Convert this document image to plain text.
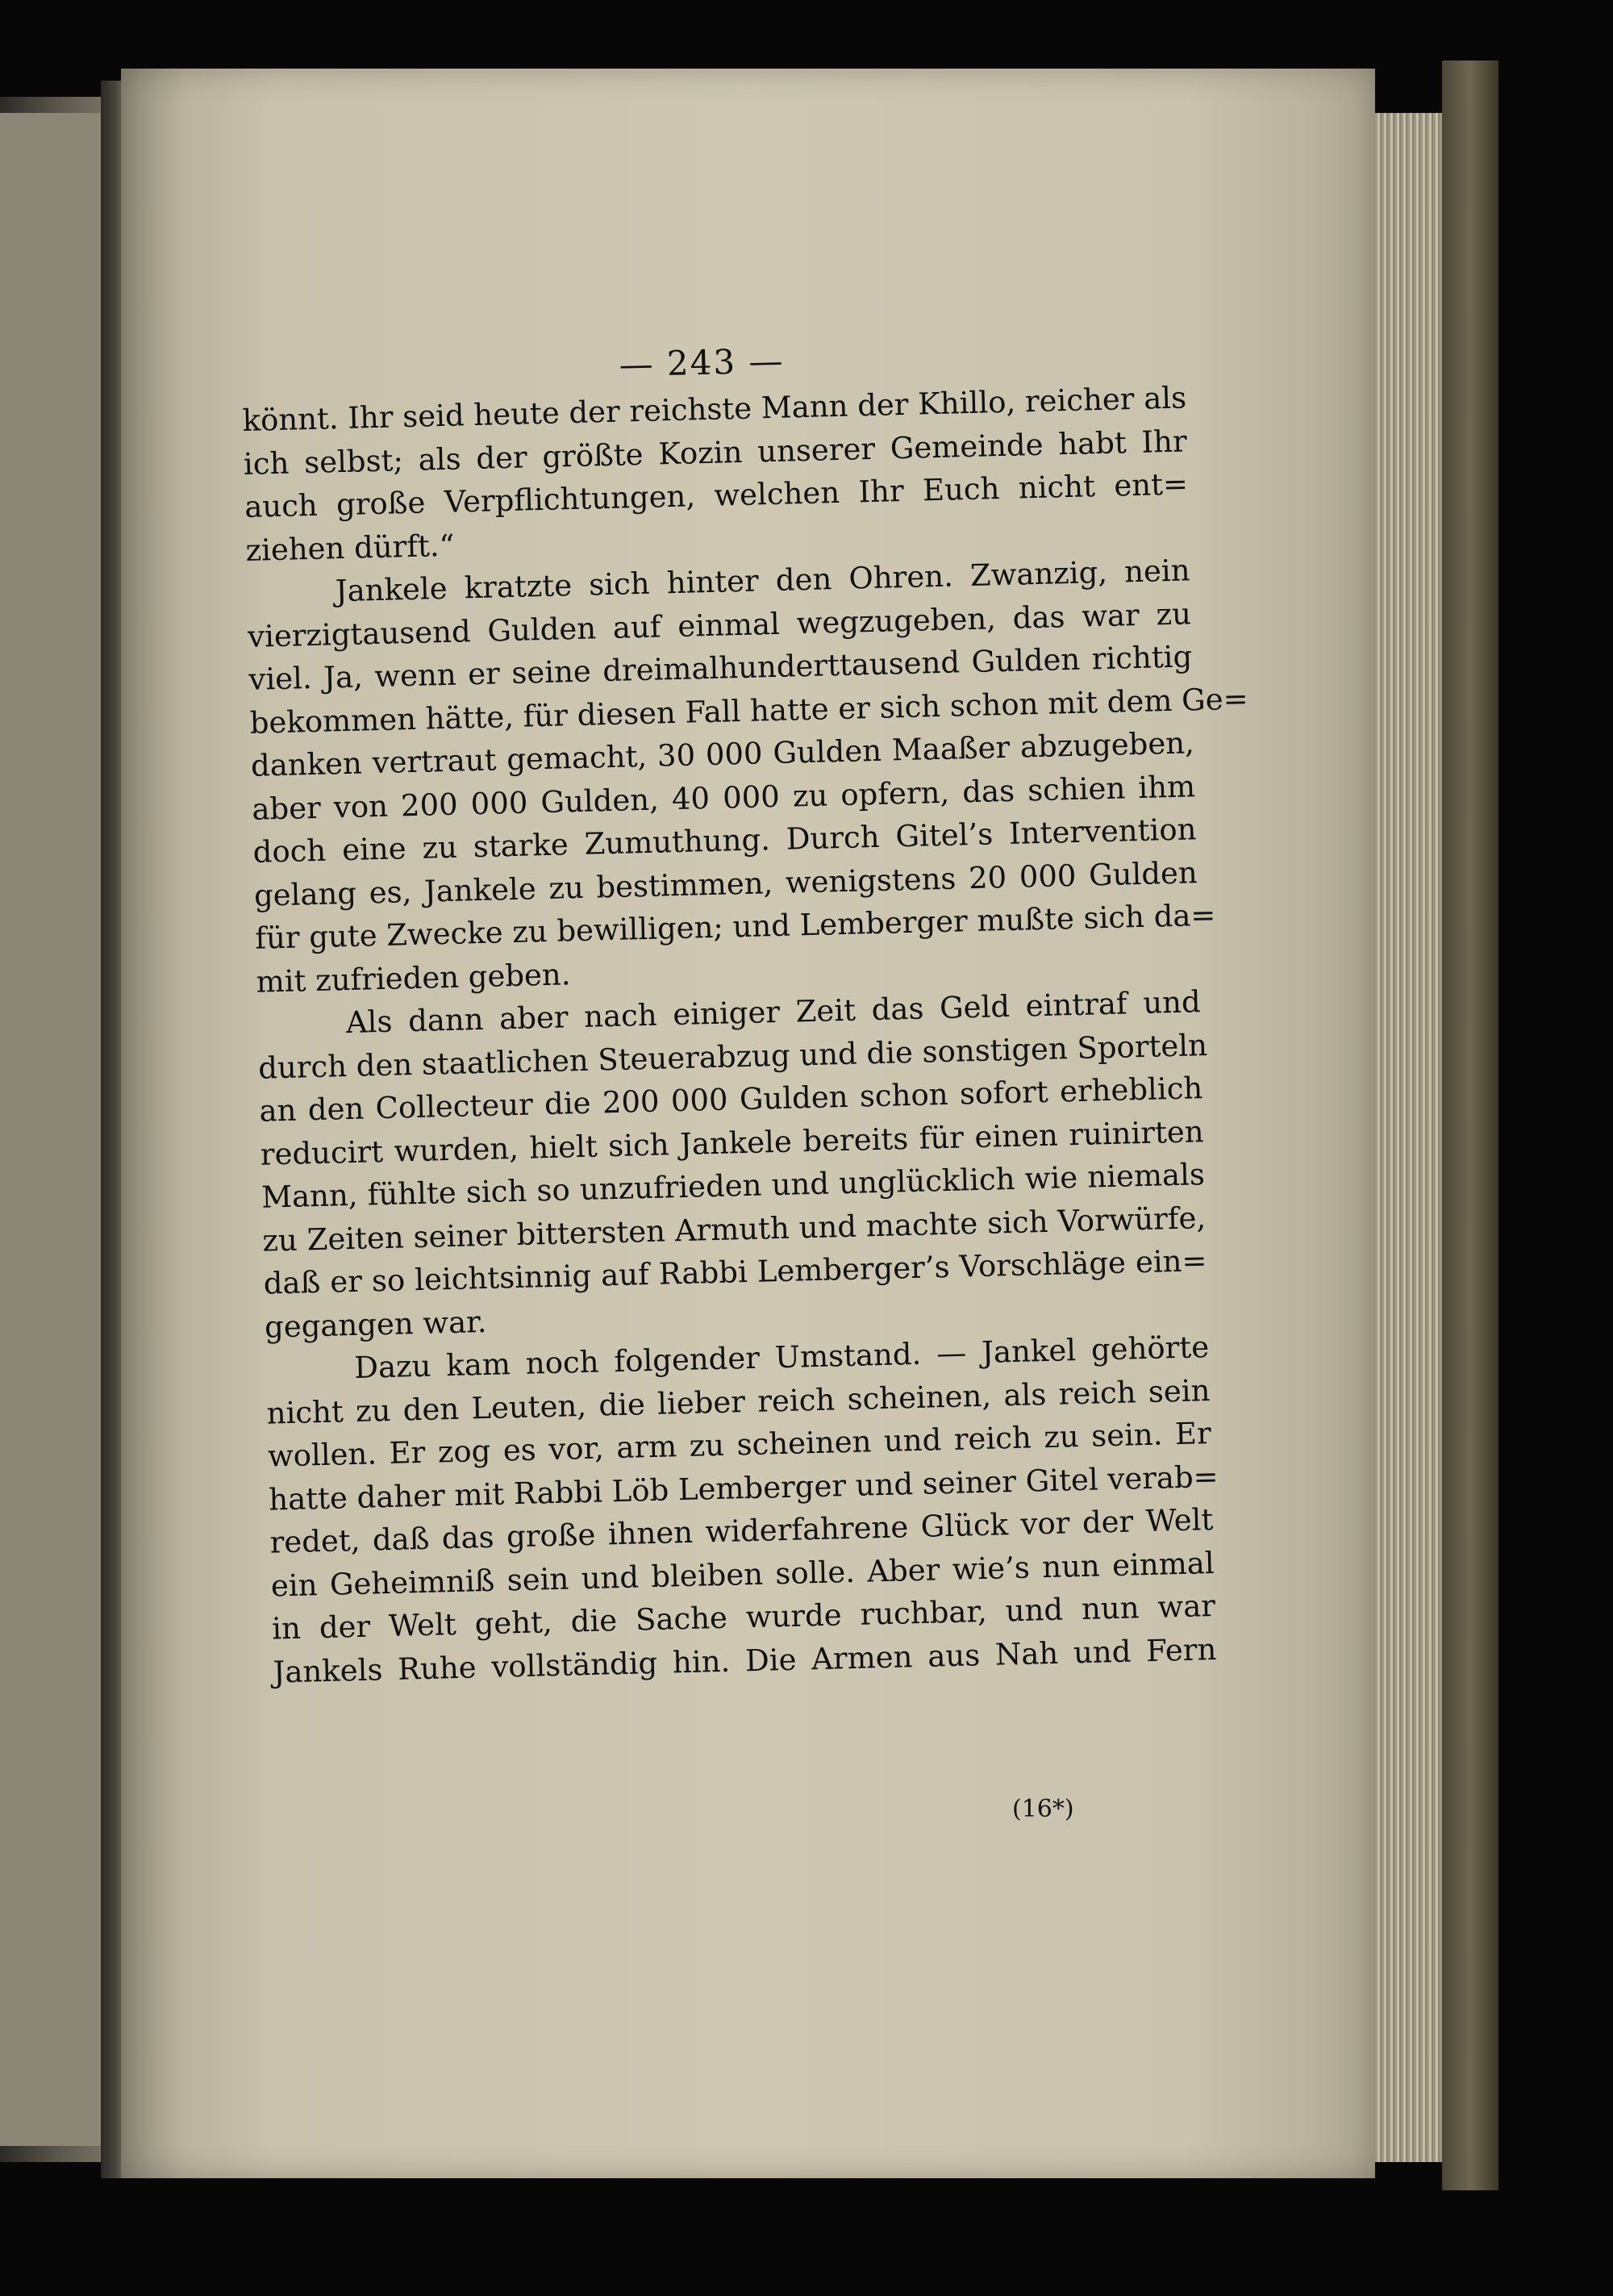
— 243 —
könnt. Ihr seid heute der reichste Mann der Khillo, reicher als
ich selbst; als der größte Kozin unserer Gemeinde habt Ihr
auch große Verpflichtungen, welchen Ihr Euch nicht ent=
ziehen dürft.“
Jankele kratzte sich hinter den Ohren. Zwanzig, nein
vierzigtausend Gulden auf einmal wegzugeben, das war zu
viel. Ja, wenn er seine dreimalhunderttausend Gulden richtig
bekommen hätte, für diesen Fall hatte er sich schon mit dem Ge=
danken vertraut gemacht, 30 000 Gulden Maaßer abzugeben,
aber von 200 000 Gulden, 40 000 zu opfern, das schien ihm
doch eine zu starke Zumuthung. Durch Gitel’s Intervention
gelang es, Jankele zu bestimmen, wenigstens 20 000 Gulden
für gute Zwecke zu bewilligen; und Lemberger mußte sich da=
mit zufrieden geben.
Als dann aber nach einiger Zeit das Geld eintraf und
durch den staatlichen Steuerabzug und die sonstigen Sporteln
an den Collecteur die 200 000 Gulden schon sofort erheblich
reducirt wurden, hielt sich Jankele bereits für einen ruinirten
Mann, fühlte sich so unzufrieden und unglücklich wie niemals
zu Zeiten seiner bittersten Armuth und machte sich Vorwürfe,
daß er so leichtsinnig auf Rabbi Lemberger’s Vorschläge ein=
gegangen war.
Dazu kam noch folgender Umstand. — Jankel gehörte
nicht zu den Leuten, die lieber reich scheinen, als reich sein
wollen. Er zog es vor, arm zu scheinen und reich zu sein. Er
hatte daher mit Rabbi Löb Lemberger und seiner Gitel verab=
redet, daß das große ihnen widerfahrene Glück vor der Welt
ein Geheimniß sein und bleiben solle. Aber wie’s nun einmal
in der Welt geht, die Sache wurde ruchbar, und nun war
Jankels Ruhe vollständig hin. Die Armen aus Nah und Fern
(16*)
